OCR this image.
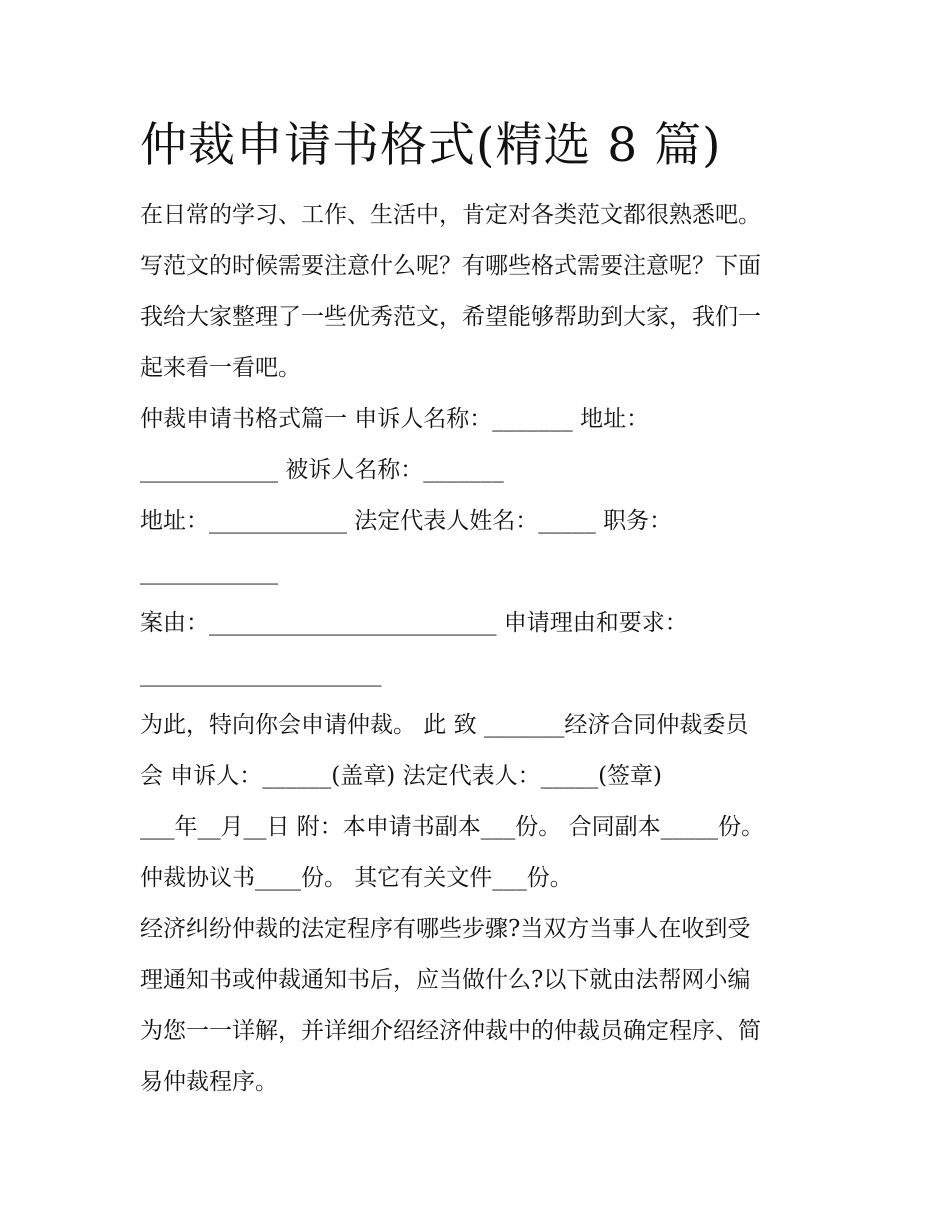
仲裁申请书格式(精选 8 篇)

在日常的学习、工作、生活中，肯定对各类范文都很熟悉吧。
写范文的时候需要注意什么呢？有哪些格式需要注意呢？下面
我给大家整理了一些优秀范文，希望能够帮助到大家，我们一
起来看一看吧。

仲裁申请书格式篇一 申诉人名称：_______ 地址：
____________ 被诉人名称：_______
地址：____________ 法定代表人姓名：_____ 职务：
____________
案由：_________________________ 申请理由和要求：
_____________________

为此，特向你会申请仲裁。 此 致 _______经济合同仲裁委员
会 申诉人：______(盖章) 法定代表人：_____(签章)
___年__月__日 附：本申请书副本___份。 合同副本_____份。
仲裁协议书____份。 其它有关文件___份。

经济纠纷仲裁的法定程序有哪些步骤?当双方当事人在收到受
理通知书或仲裁通知书后，应当做什么?以下就由法帮网小编
为您一一详解，并详细介绍经济仲裁中的仲裁员确定程序、简
易仲裁程序。
